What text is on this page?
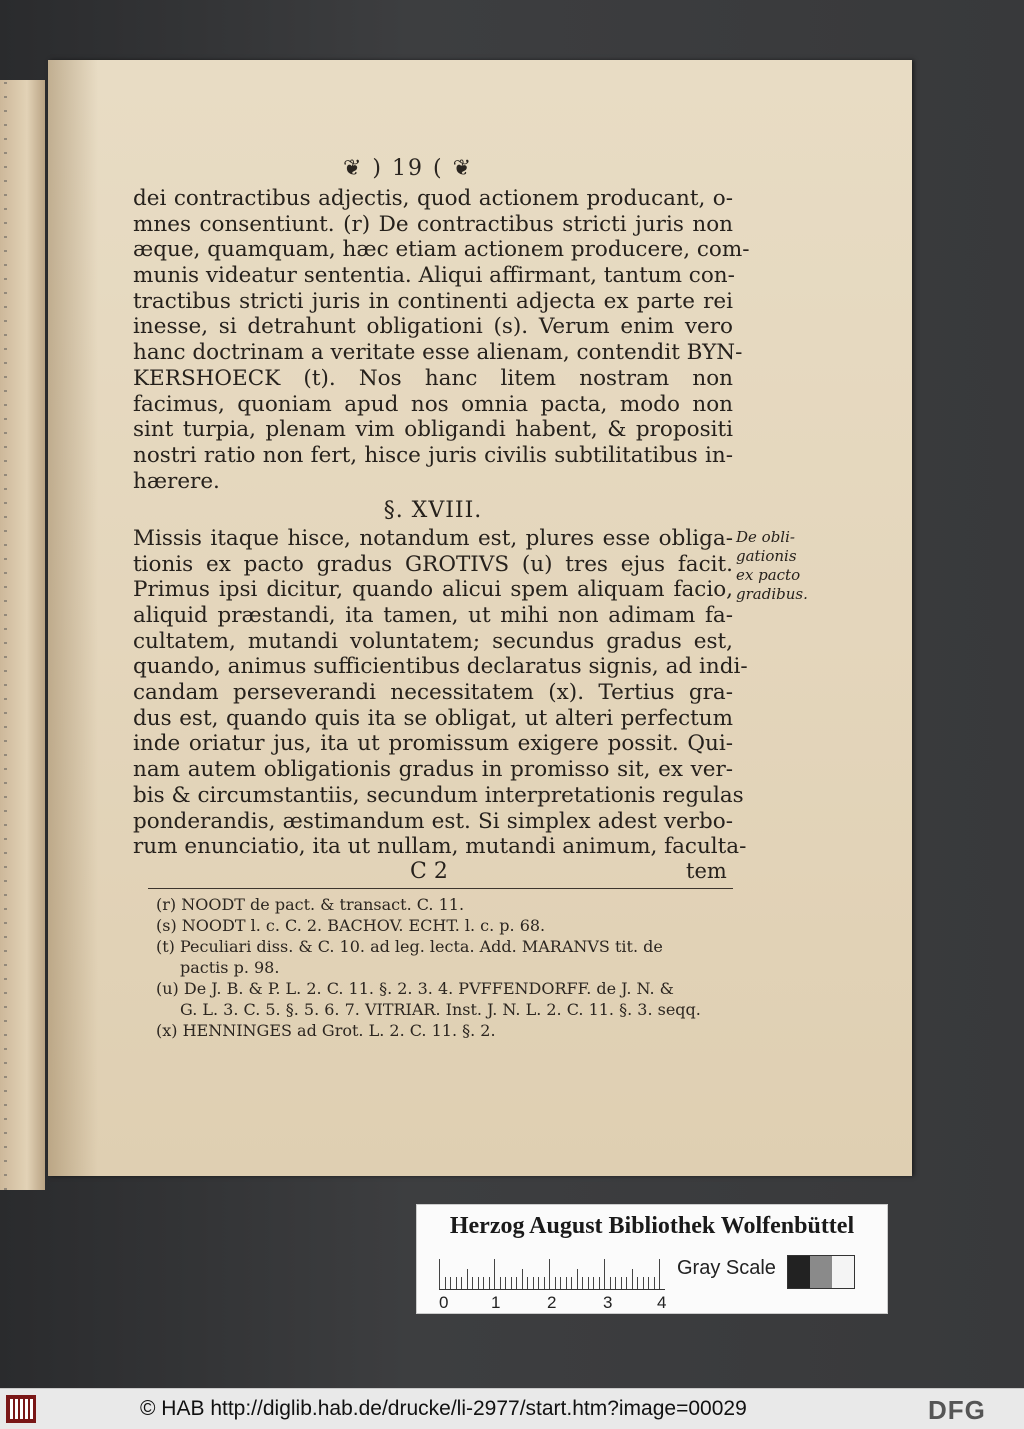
❦ ) 19 ( ❦
dei contractibus adjectis, quod actionem producant, o-
mnes consentiunt. (r) De contractibus stricti juris non
æque, quamquam, hæc etiam actionem producere, com-
munis videatur sententia. Aliqui affirmant, tantum con-
tractibus stricti juris in continenti adjecta ex parte rei
inesse, si detrahunt obligationi (s). Verum enim vero
hanc doctrinam a veritate esse alienam, contendit BYN-
KERSHOECK (t). Nos hanc litem nostram non
facimus, quoniam apud nos omnia pacta, modo non
sint turpia, plenam vim obligandi habent, & propositi
nostri ratio non fert, hisce juris civilis subtilitatibus in-
hærere.
§. XVIII.
Missis itaque hisce, notandum est, plures esse obliga-
tionis ex pacto gradus GROTIVS (u) tres ejus facit.
Primus ipsi dicitur, quando alicui spem aliquam facio,
aliquid præstandi, ita tamen, ut mihi non adimam fa-
cultatem, mutandi voluntatem; secundus gradus est,
quando, animus sufficientibus declaratus signis, ad indi-
candam perseverandi necessitatem (x). Tertius gra-
dus est, quando quis ita se obligat, ut alteri perfectum
inde oriatur jus, ita ut promissum exigere possit. Qui-
nam autem obligationis gradus in promisso sit, ex ver-
bis & circumstantiis, secundum interpretationis regulas
ponderandis, æstimandum est. Si simplex adest verbo-
rum enunciatio, ita ut nullam, mutandi animum, faculta-
De obli-
gationis
ex pacto
gradibus.
C 2	tem
(r) NOODT de pact. & transact. C. 11.
(s) NOODT l. c. C. 2. BACHOV. ECHT. l. c. p. 68.
(t) Peculiari diss. & C. 10. ad leg. lecta. Add. MARANVS tit. de
pactis p. 98.
(u) De J. B. & P. L. 2. C. 11. §. 2. 3. 4. PVFFENDORFF. de J. N. &
G. L. 3. C. 5. §. 5. 6. 7. VITRIAR. Inst. J. N. L. 2. C. 11. §. 3. seqq.
(x) HENNINGES ad Grot. L. 2. C. 11. §. 2.
Herzog August Bibliothek Wolfenbüttel
0	1	2	3	4
Gray Scale
© HAB http://diglib.hab.de/drucke/li-2977/start.htm?image=00029	DFG
